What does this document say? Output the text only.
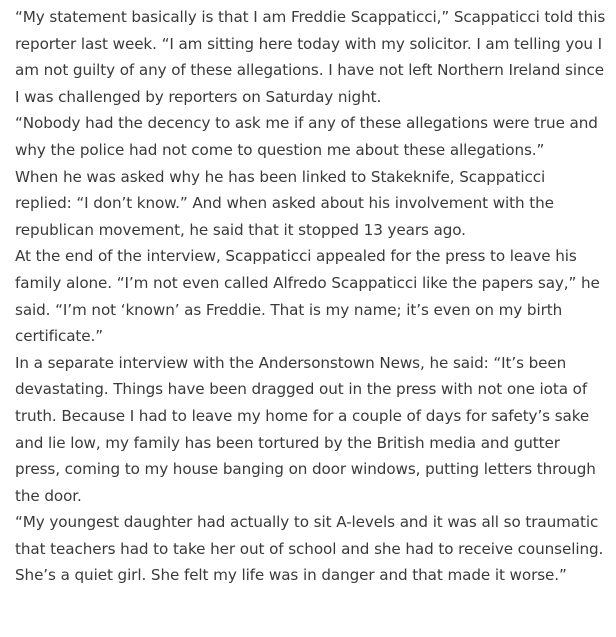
“My statement basically is that I am Freddie Scappaticci,” Scappaticci told this reporter last week. “I am sitting here today with my solicitor. I am telling you I am not guilty of any of these allegations. I have not left Northern Ireland since I was challenged by reporters on Saturday night.

“Nobody had the decency to ask me if any of these allegations were true and why the police had not come to question me about these allegations.”

When he was asked why he has been linked to Stakeknife, Scappaticci replied: “I don’t know.” And when asked about his involvement with the republican movement, he said that it stopped 13 years ago.

At the end of the interview, Scappaticci appealed for the press to leave his family alone. “I’m not even called Alfredo Scappaticci like the papers say,” he said. “I’m not ‘known’ as Freddie. That is my name; it’s even on my birth certificate.”

In a separate interview with the Andersonstown News, he said: “It’s been devastating. Things have been dragged out in the press with not one iota of truth. Because I had to leave my home for a couple of days for safety’s sake and lie low, my family has been tortured by the British media and gutter press, coming to my house banging on door windows, putting letters through the door.

“My youngest daughter had actually to sit A-levels and it was all so traumatic that teachers had to take her out of school and she had to receive counseling. She’s a quiet girl. She felt my life was in danger and that made it worse.”
